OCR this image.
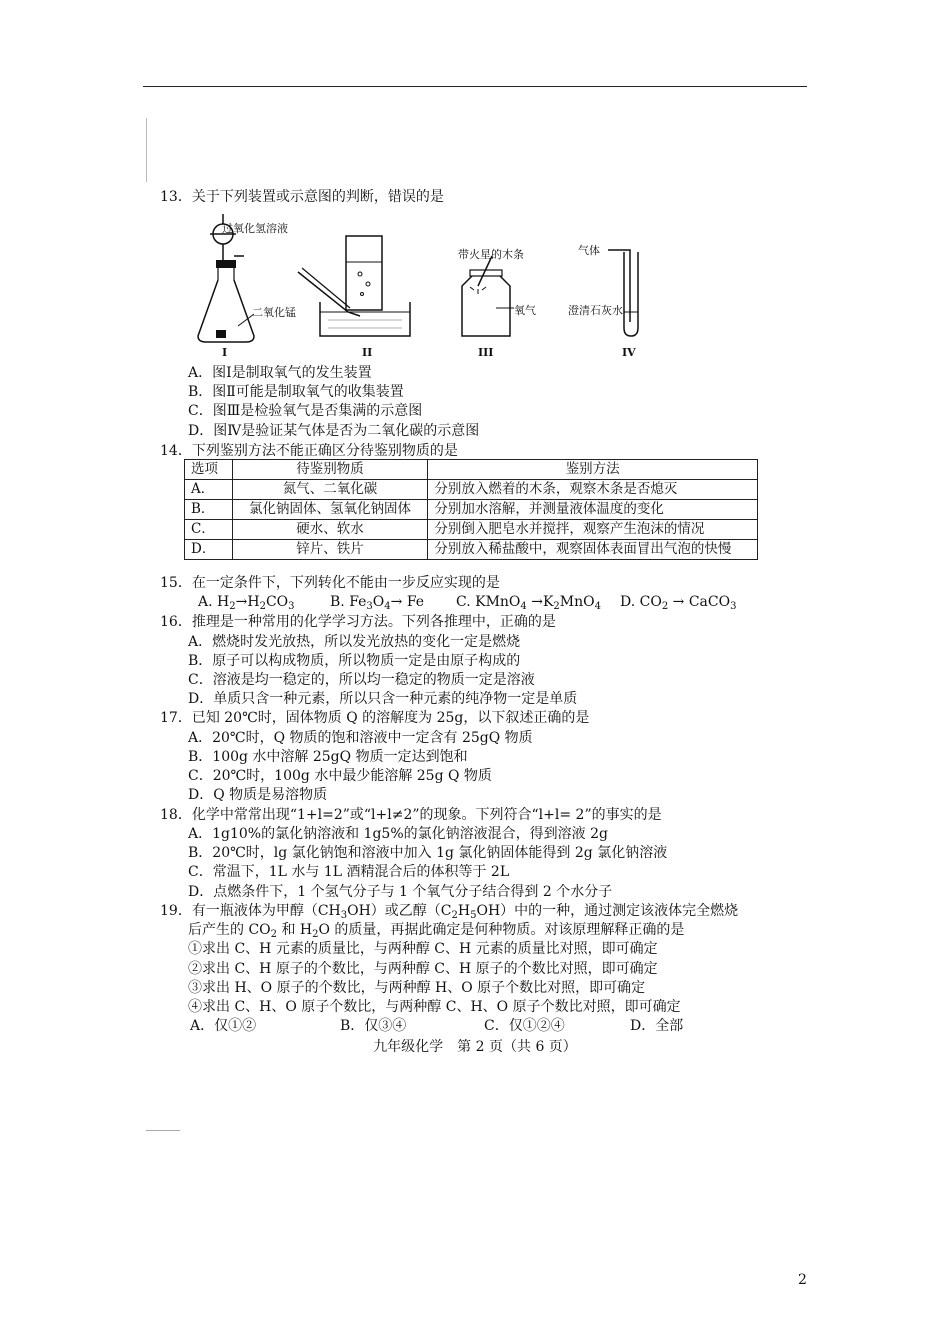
13．关于下列装置或示意图的判断，错误的是
过氧化氢溶液
二氧化锰
I	II
带火星的木条
氧气
III
气体
澄清石灰水
IV
A．图Ⅰ是制取氧气的发生装置
B．图Ⅱ可能是制取氧气的收集装置
C．图Ⅲ是检验氧气是否集满的示意图
D．图Ⅳ是验证某气体是否为二氧化碳的示意图
14．下列鉴别方法不能正确区分待鉴别物质的是
选项	待鉴别物质	鉴别方法
A．	氮气、二氧化碳	分别放入燃着的木条，观察木条是否熄灭
B．	氯化钠固体、氢氧化钠固体	分别加水溶解，并测量液体温度的变化
C．	硬水、软水	分别倒入肥皂水并搅拌，观察产生泡沫的情况
D．	锌片、铁片	分别放入稀盐酸中，观察固体表面冒出气泡的快慢
15．在一定条件下，下列转化不能由一步反应实现的是
A. $H_2\to H_2CO_3$	B. $Fe_3O_4\to Fe$ C. KMnO$_4$ $\to K_2MnO_4$ D. $CO_2$ → CaCO$_3$
16．推理是一种常用的化学学习方法。下列各推理中，正确的是
A．燃烧时发光放热，所以发光放热的变化一定是燃烧
B．原子可以构成物质，所以物质一定是由原子构成的
C．溶液是均一稳定的，所以均一稳定的物质一定是溶液
D．单质只含一种元素，所以只含一种元素的纯净物一定是单质
17．已知 20℃时，固体物质 Q 的溶解度为 25g，以下叙述正确的是
A．20℃时，Q 物质的饱和溶液中一定含有 25gQ 物质
B．100g 水中溶解 25gQ 物质一定达到饱和
C．20℃时，100g 水中最少能溶解 25g Q 物质
D．Q 物质是易溶物质
18．化学中常常出现“1+l=2”或“l+l≠2”的现象。下列符合“l+l= 2”的事实的是
A．1g10%的氯化钠溶液和 1g5%的氯化钠溶液混合，得到溶液 2g
B．20℃时，lg 氯化钠饱和溶液中加入 1g 氯化钠固体能得到 2g 氯化钠溶液
C．常温下，1L 水与 1L 酒精混合后的体积等于 2L
D．点燃条件下，1 个氢气分子与 1 个氧气分子结合得到 2 个水分子
19．有一瓶液体为甲醇$(CH_3OH)$或乙醇$(C_2H_5OH)$中的一种，通过测定该液体完全燃烧
后产生的 $CO_2$ 和 $H_2O$ 的质量，再据此确定是何种物质。对该原理解释正确的是
①求出 C、H 元素的质量比，与两种醇 C、H 元素的质量比对照，即可确定
②求出 C、H 原子的个数比，与两种醇 C、H 原子的个数比对照，即可确定
③求出 H、O 原子的个数比，与两种醇 H、O 原子个数比对照，即可确定
④求出 C、H、O 原子个数比，与两种醇 C、H、O 原子个数比对照，即可确定
A．仅①②	B．仅③④	C．仅①②④	D．全部
九年级化学　第 2 页（共 6 页）
2
